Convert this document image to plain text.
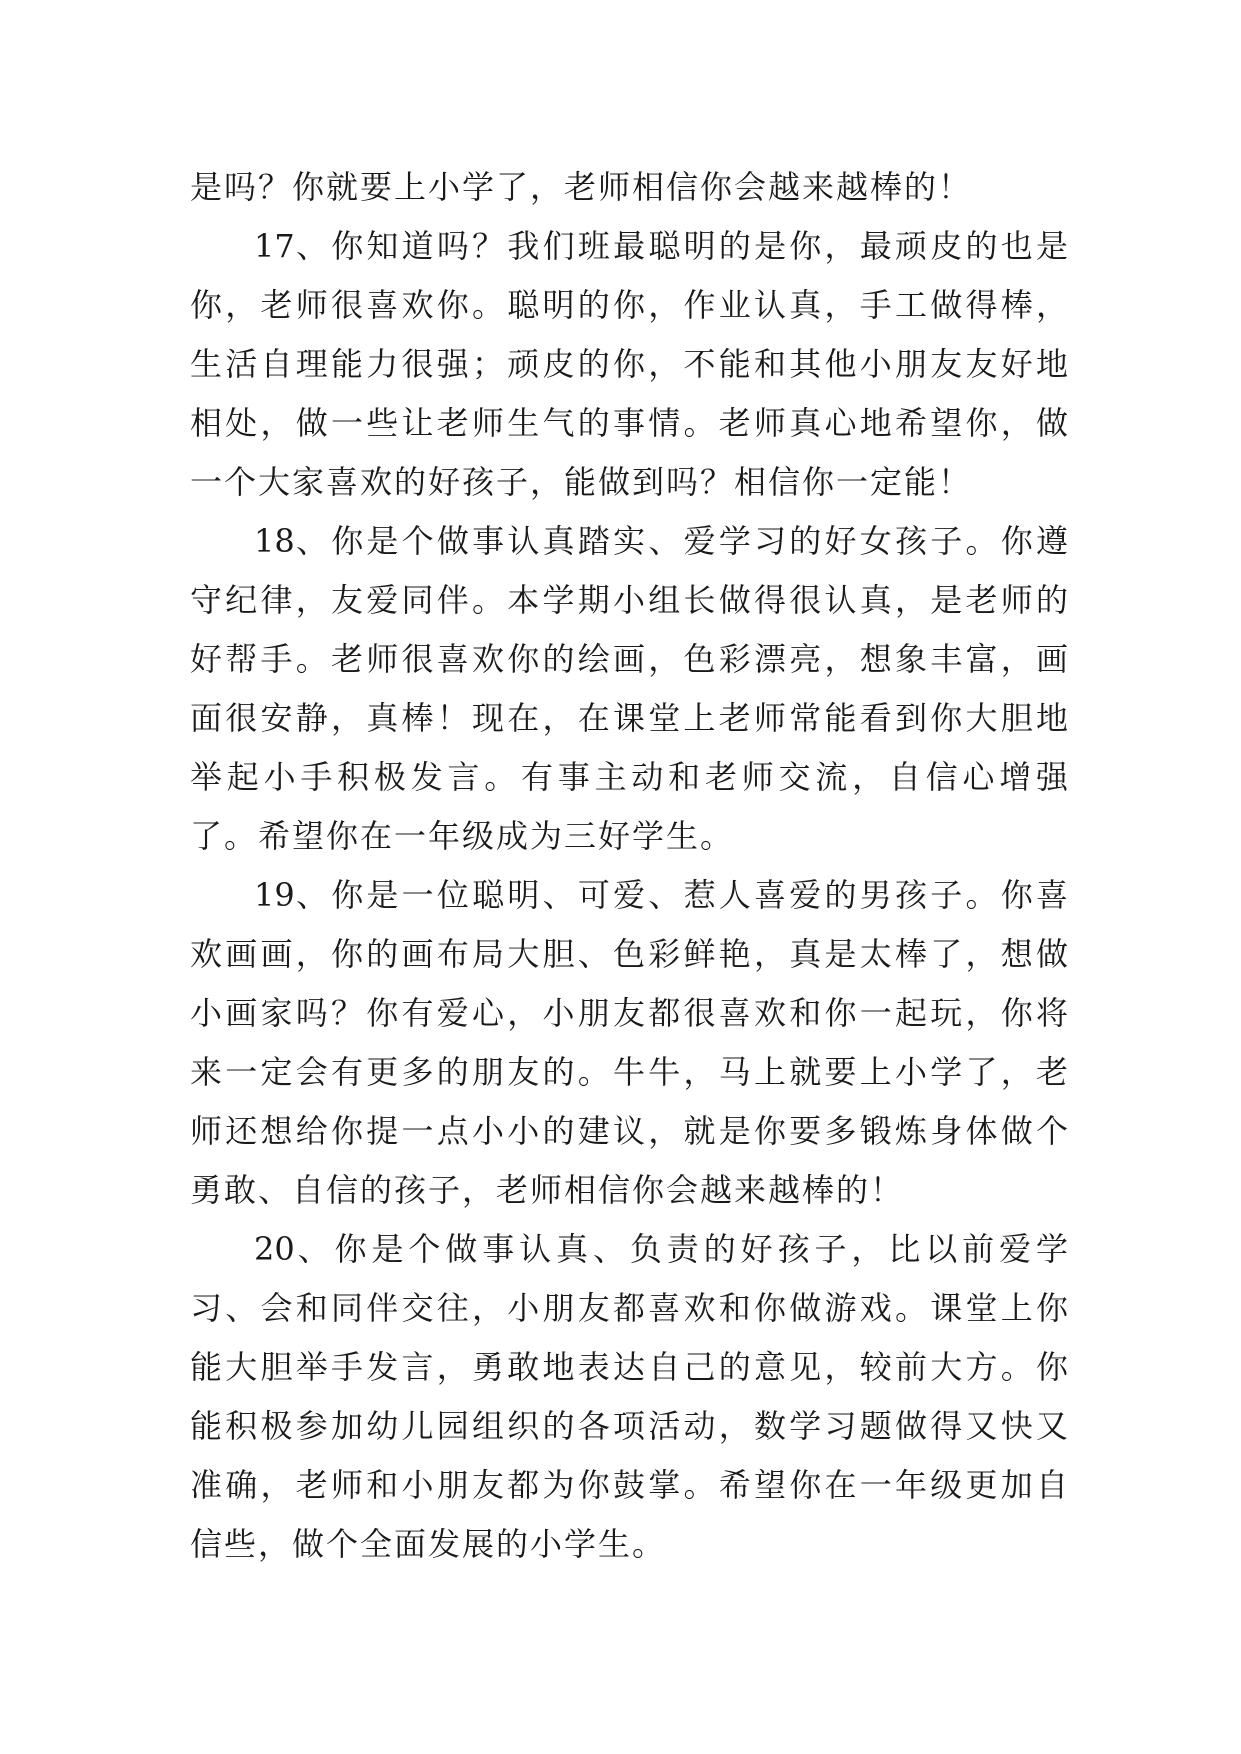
是吗？你就要上小学了，老师相信你会越来越棒的！

17、你知道吗？我们班最聪明的是你，最顽皮的也是你，老师很喜欢你。聪明的你，作业认真，手工做得棒，生活自理能力很强；顽皮的你，不能和其他小朋友友好地相处，做一些让老师生气的事情。老师真心地希望你，做一个大家喜欢的好孩子，能做到吗？相信你一定能！

18、你是个做事认真踏实、爱学习的好女孩子。你遵守纪律，友爱同伴。本学期小组长做得很认真，是老师的好帮手。老师很喜欢你的绘画，色彩漂亮，想象丰富，画面很安静，真棒！现在，在课堂上老师常能看到你大胆地举起小手积极发言。有事主动和老师交流，自信心增强了。希望你在一年级成为三好学生。

19、你是一位聪明、可爱、惹人喜爱的男孩子。你喜欢画画，你的画布局大胆、色彩鲜艳，真是太棒了，想做小画家吗？你有爱心，小朋友都很喜欢和你一起玩，你将来一定会有更多的朋友的。牛牛，马上就要上小学了，老师还想给你提一点小小的建议，就是你要多锻炼身体做个勇敢、自信的孩子，老师相信你会越来越棒的！

20、你是个做事认真、负责的好孩子，比以前爱学习、会和同伴交往，小朋友都喜欢和你做游戏。课堂上你能大胆举手发言，勇敢地表达自己的意见，较前大方。你能积极参加幼儿园组织的各项活动，数学习题做得又快又准确，老师和小朋友都为你鼓掌。希望你在一年级更加自信些，做个全面发展的小学生。
